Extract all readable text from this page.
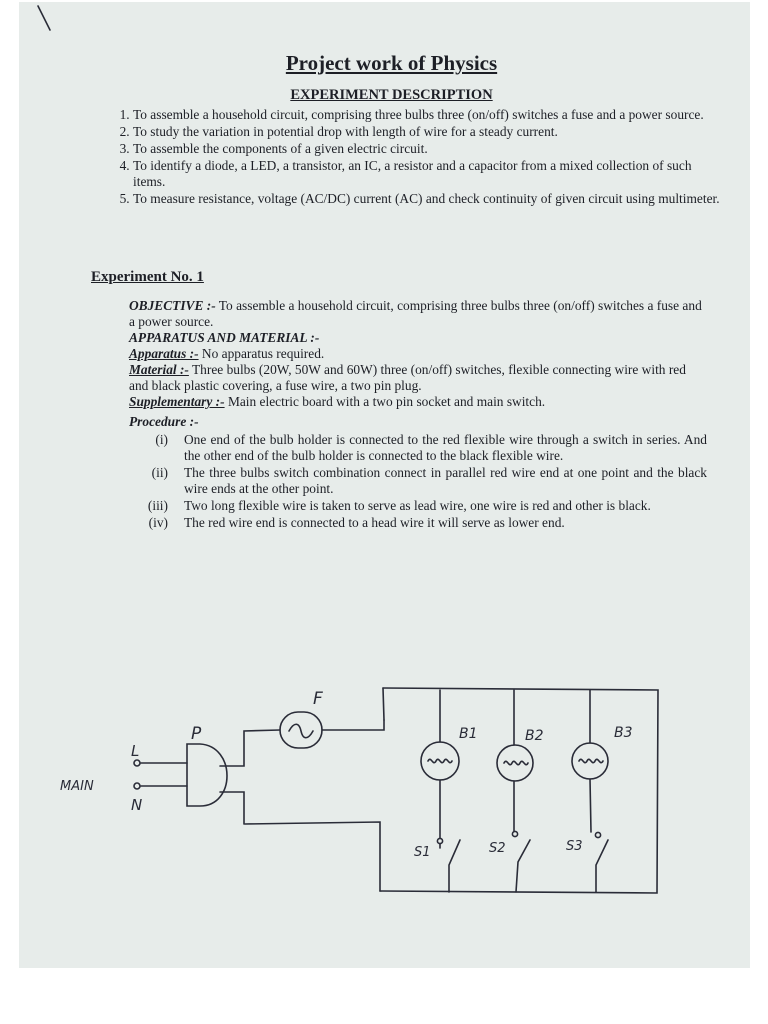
Project work of Physics
EXPERIMENT DESCRIPTION
1. To assemble a household circuit, comprising three bulbs three (on/off) switches a fuse and a power source.
2. To study the variation in potential drop with length of wire for a steady current.
3. To assemble the components of a given electric circuit.
4. To identify a diode, a LED, a transistor, an IC, a resistor and a capacitor from a mixed collection of such items.
5. To measure resistance, voltage (AC/DC) current (AC) and check continuity of given circuit using multimeter.
Experiment No. 1

OBJECTIVE :- To assemble a household circuit, comprising three bulbs three (on/off) switches a fuse and a power source.

APPARATUS AND MATERIAL :-

Apparatus :- No apparatus required.

Material :- Three bulbs (20W, 50W and 60W) three (on/off) switches, flexible connecting wire with red and black plastic covering, a fuse wire, a two pin plug.

Supplementary :- Main electric board with a two pin socket and main switch.

Procedure :-

(i)	One end of the bulb holder is connected to the red flexible wire through a switch in series. And the other end of the bulb holder is connected to the black flexible wire.
(ii)	The three bulbs switch combination connect in parallel red wire end at one point and the black wire ends at the other point.
(iii)	Two long flexible wire is taken to serve as lead wire, one wire is red and other is black.
(iv)	The red wire end is connected to a head wire it will serve as lower end.
F
P
L
N
MAIN
B1	B2	B3
S1	S2	S3
